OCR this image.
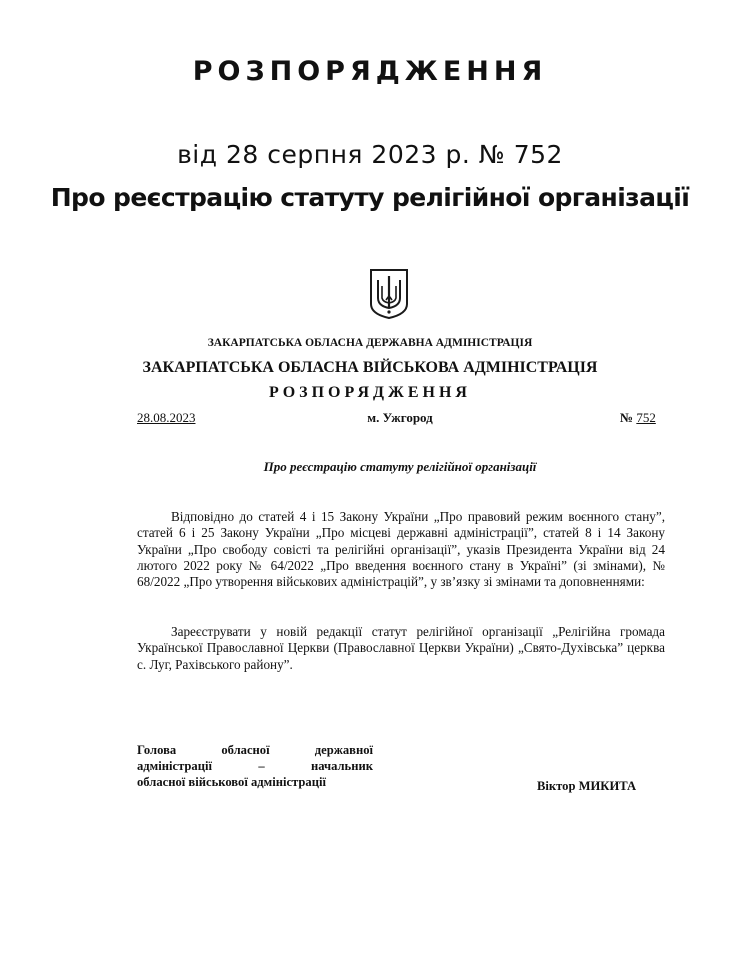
РОЗПОРЯДЖЕННЯ
від 28 серпня 2023 р. № 752
Про реєстрацію статуту релігійної організації
ЗАКАРПАТСЬКА ОБЛАСНА ДЕРЖАВНА АДМІНІСТРАЦІЯ
ЗАКАРПАТСЬКА ОБЛАСНА ВІЙСЬКОВА АДМІНІСТРАЦІЯ
РОЗПОРЯДЖЕННЯ
28.08.2023	м. Ужгород	№ 752
Про реєстрацію статуту релігійної організації
Відповідно до статей 4 і 15 Закону України „Про правовий режим воєнного стану”, статей 6 і 25 Закону України „Про місцеві державні адміністрації”, статей 8 і 14 Закону України „Про свободу совісті та релігійні організації”, указів Президента України від 24 лютого 2022 року № 64/2022 „Про введення воєнного стану в Україні” (зі змінами), № 68/2022 „Про утворення військових адміністрацій”, у зв’язку зі змінами та доповненнями:
Зареєструвати у новій редакції статут релігійної організації „Релігійна громада Української Православної Церкви (Православної Церкви України) „Свято-Духівська” церква с. Луг, Рахівського району”.
Голова обласної державної
адміністрації – начальник
обласної військової адміністрації	Віктор МИКИТА
